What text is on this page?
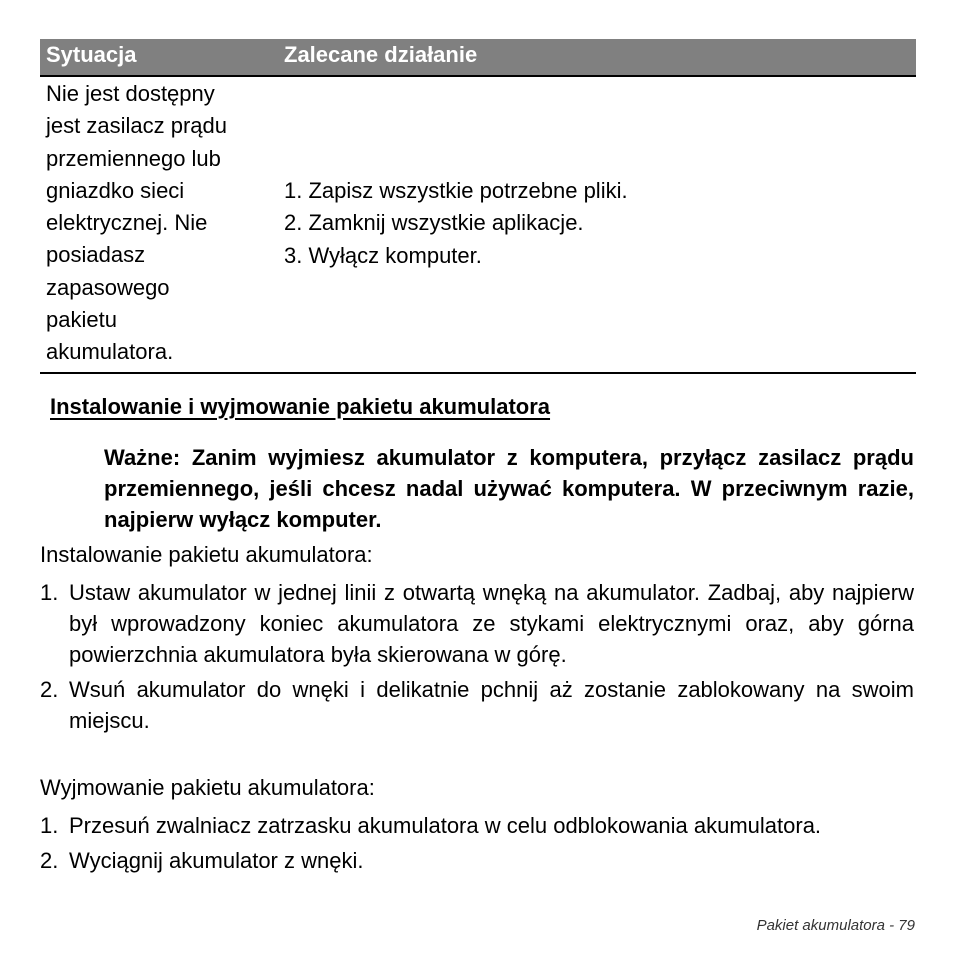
Sytuacja	Zalecane działanie
Nie jest dostępny
jest zasilacz prądu
przemiennego lub
gniazdko sieci
elektrycznej. Nie
posiadasz
zapasowego
pakietu
akumulatora.
1. Zapisz wszystkie potrzebne pliki.
2. Zamknij wszystkie aplikacje.
3. Wyłącz komputer.
Instalowanie i wyjmowanie pakietu akumulatora
Ważne: Zanim wyjmiesz akumulator z komputera, przyłącz zasilacz prądu przemiennego, jeśli chcesz nadal używać komputera. W przeciwnym razie, najpierw wyłącz komputer.
Instalowanie pakietu akumulatora:
1. Ustaw akumulator w jednej linii z otwartą wnęką na akumulator. Zadbaj, aby najpierw był wprowadzony koniec akumulatora ze stykami elektrycznymi oraz, aby górna powierzchnia akumulatora była skierowana w górę.
2. Wsuń akumulator do wnęki i delikatnie pchnij aż zostanie zablokowany na swoim miejscu.
Wyjmowanie pakietu akumulatora:
1. Przesuń zwalniacz zatrzasku akumulatora w celu odblokowania akumulatora.
2. Wyciągnij akumulator z wnęki.
Pakiet akumulatora - 79
